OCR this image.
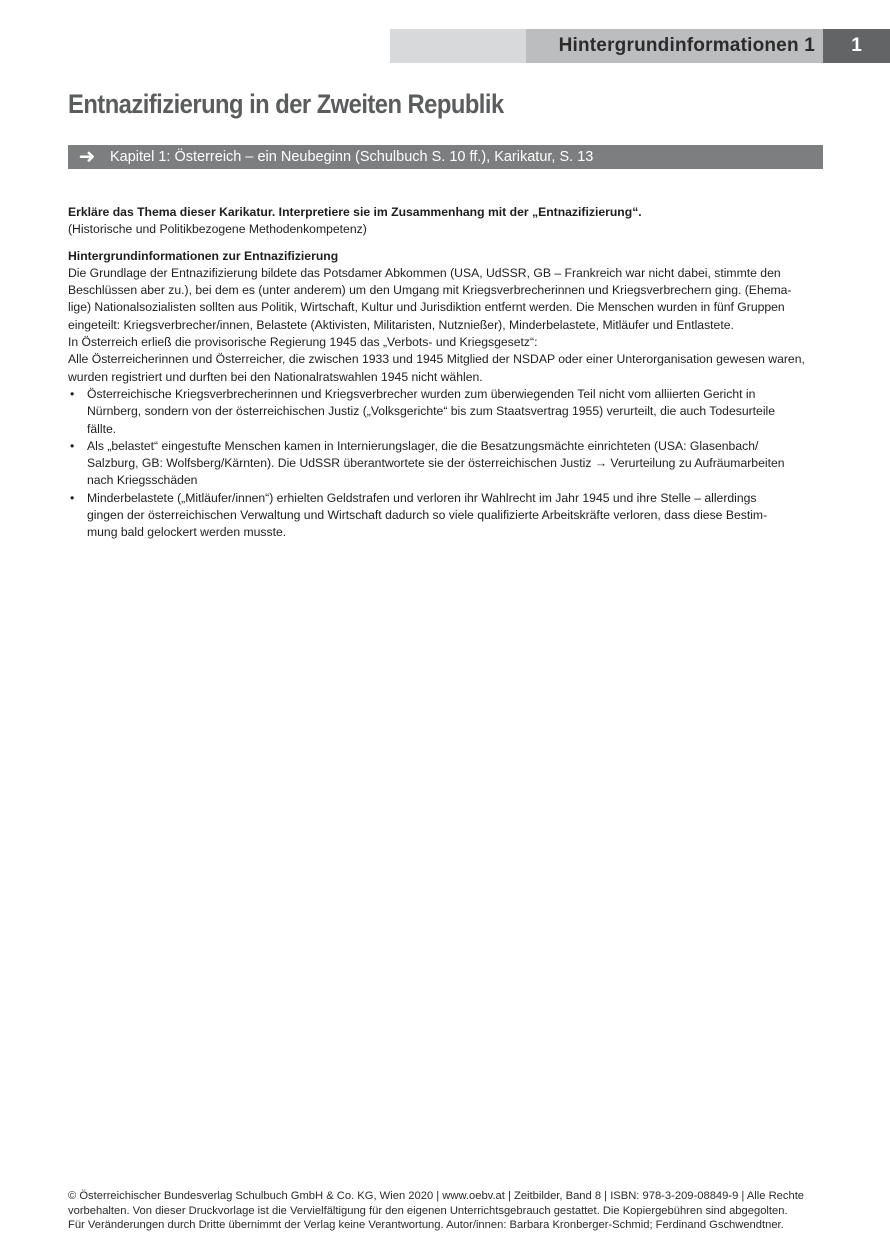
Hintergrundinformationen 1 1
Entnazifizierung in der Zweiten Republik
➜	Kapitel 1: Österreich – ein Neubeginn (Schulbuch S. 10 ff.), Karikatur, S. 13

Erkläre das Thema dieser Karikatur. Interpretiere sie im Zusammenhang mit der „Entnazifizierung“.

(Historische und Politikbezogene Methodenkompetenz)

Hintergrundinformationen zur Entnazifizierung

Die Grundlage der Entnazifizierung bildete das Potsdamer Abkommen (USA, UdSSR, GB – Frankreich war nicht dabei, stimmte den

Beschlüssen aber zu.), bei dem es (unter anderem) um den Umgang mit Kriegsverbrecherinnen und Kriegsverbrechern ging. (Ehema-

lige) Nationalsozialisten sollten aus Politik, Wirtschaft, Kultur und Jurisdiktion entfernt werden. Die Menschen wurden in fünf Gruppen

eingeteilt: Kriegsverbrecher/innen, Belastete (Aktivisten, Militaristen, Nutznießer), Minderbelastete, Mitläufer und Entlastete.

In Österreich erließ die provisorische Regierung 1945 das „Verbots- und Kriegsgesetz“:

Alle Österreicherinnen und Österreicher, die zwischen 1933 und 1945 Mitglied der NSDAP oder einer Unterorganisation gewesen waren,

wurden registriert und durften bei den Nationalratswahlen 1945 nicht wählen.

• Österreichische Kriegsverbrecherinnen und Kriegsverbrecher wurden zum überwiegenden Teil nicht vom alliierten Gericht in

Nürnberg, sondern von der österreichischen Justiz („Volksgerichte“ bis zum Staatsvertrag 1955) verurteilt, die auch Todesurteile

fällte.

• Als „belastet“ eingestufte Menschen kamen in Internierungslager, die die Besatzungsmächte einrichteten (USA: Glasenbach/

Salzburg, GB: Wolfsberg/Kärnten). Die UdSSR überantwortete sie der österreichischen Justiz → Verurteilung zu Aufräumarbeiten

nach Kriegsschäden

• Minderbelastete („Mitläufer/innen“) erhielten Geldstrafen und verloren ihr Wahlrecht im Jahr 1945 und ihre Stelle – allerdings

gingen der österreichischen Verwaltung und Wirtschaft dadurch so viele qualifizierte Arbeitskräfte verloren, dass diese Bestim-

mung bald gelockert werden musste.

© Österreichischer Bundesverlag Schulbuch GmbH & Co. KG, Wien 2020 | www.oebv.at | Zeitbilder, Band 8 | ISBN: 978-3-209-08849-9 | Alle Rechte
vorbehalten. Von dieser Druckvorlage ist die Vervielfältigung für den eigenen Unterrichtsgebrauch gestattet. Die Kopiergebühren sind abgegolten.
Für Veränderungen durch Dritte übernimmt der Verlag keine Verantwortung. Autor/innen: Barbara Kronberger-Schmid; Ferdinand Gschwendtner.
